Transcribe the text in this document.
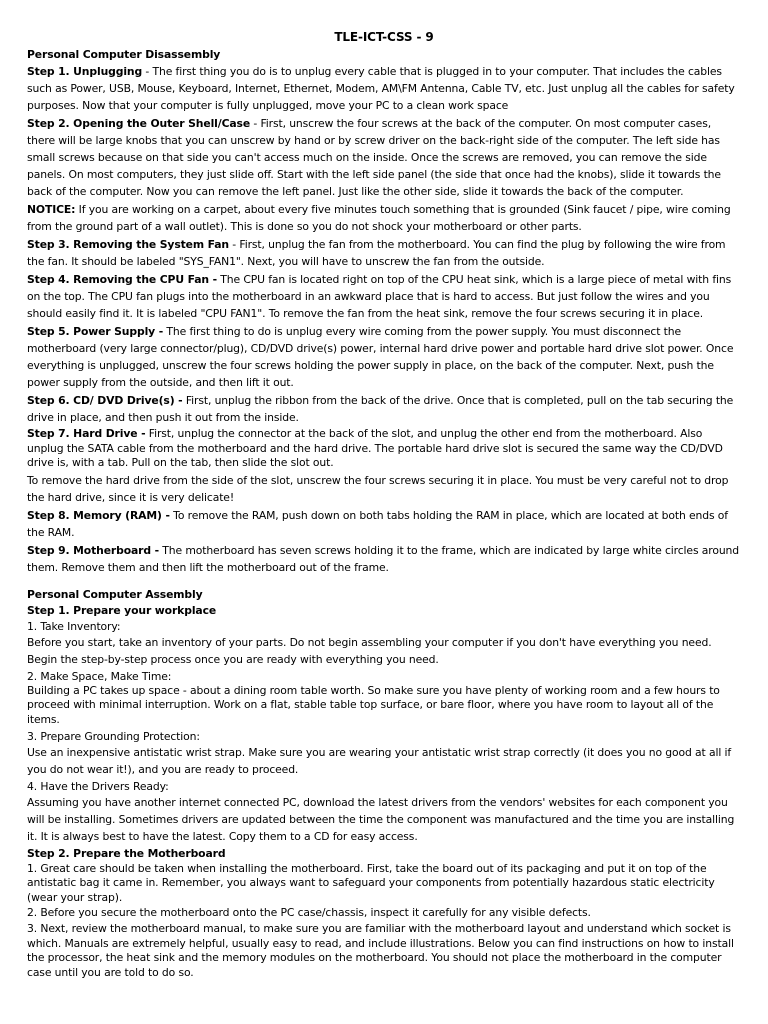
TLE-ICT-CSS - 9
Personal Computer Disassembly

Step 1. Unplugging - The first thing you do is to unplug every cable that is plugged in to your computer. That includes the cables such as Power, USB, Mouse, Keyboard, Internet, Ethernet, Modem, AM\FM Antenna, Cable TV, etc. Just unplug all the cables for safety purposes. Now that your computer is fully unplugged, move your PC to a clean work space

Step 2. Opening the Outer Shell/Case - First, unscrew the four screws at the back of the computer. On most computer cases, there will be large knobs that you can unscrew by hand or by screw driver on the back-right side of the computer. The left side has small screws because on that side you can't access much on the inside. Once the screws are removed, you can remove the side panels. On most computers, they just slide off. Start with the left side panel (the side that once had the knobs), slide it towards the back of the computer. Now you can remove the left panel. Just like the other side, slide it towards the back of the computer.

NOTICE: If you are working on a carpet, about every five minutes touch something that is grounded (Sink faucet / pipe, wire coming from the ground part of a wall outlet). This is done so you do not shock your motherboard or other parts.

Step 3. Removing the System Fan - First, unplug the fan from the motherboard. You can find the plug by following the wire from the fan. It should be labeled "SYS_FAN1". Next, you will have to unscrew the fan from the outside.

Step 4. Removing the CPU Fan - The CPU fan is located right on top of the CPU heat sink, which is a large piece of metal with fins on the top. The CPU fan plugs into the motherboard in an awkward place that is hard to access. But just follow the wires and you should easily find it. It is labeled "CPU FAN1". To remove the fan from the heat sink, remove the four screws securing it in place.

Step 5. Power Supply - The first thing to do is unplug every wire coming from the power supply. You must disconnect the motherboard (very large connector/plug), CD/DVD drive(s) power, internal hard drive power and portable hard drive slot power. Once everything is unplugged, unscrew the four screws holding the power supply in place, on the back of the computer. Next, push the power supply from the outside, and then lift it out.

Step 6. CD/ DVD Drive(s) - First, unplug the ribbon from the back of the drive. Once that is completed, pull on the tab securing the drive in place, and then push it out from the inside.

Step 7. Hard Drive - First, unplug the connector at the back of the slot, and unplug the other end from the motherboard. Also unplug the SATA cable from the motherboard and the hard drive. The portable hard drive slot is secured the same way the CD/DVD drive is, with a tab. Pull on the tab, then slide the slot out.

To remove the hard drive from the side of the slot, unscrew the four screws securing it in place. You must be very careful not to drop the hard drive, since it is very delicate!

Step 8. Memory (RAM) - To remove the RAM, push down on both tabs holding the RAM in place, which are located at both ends of the RAM.

Step 9. Motherboard - The motherboard has seven screws holding it to the frame, which are indicated by large white circles around them. Remove them and then lift the motherboard out of the frame.

Personal Computer Assembly
Step 1. Prepare your workplace

1. Take Inventory:

Before you start, take an inventory of your parts. Do not begin assembling your computer if you don't have everything you need. Begin the step-by-step process once you are ready with everything you need.

2. Make Space, Make Time:

Building a PC takes up space - about a dining room table worth. So make sure you have plenty of working room and a few hours to proceed with minimal interruption. Work on a flat, stable table top surface, or bare floor, where you have room to layout all of the items.

3. Prepare Grounding Protection:

Use an inexpensive antistatic wrist strap. Make sure you are wearing your antistatic wrist strap correctly (it does you no good at all if you do not wear it!), and you are ready to proceed.

4. Have the Drivers Ready:

Assuming you have another internet connected PC, download the latest drivers from the vendors' websites for each component you will be installing. Sometimes drivers are updated between the time the component was manufactured and the time you are installing it. It is always best to have the latest. Copy them to a CD for easy access.

Step 2. Prepare the Motherboard

1. Great care should be taken when installing the motherboard. First, take the board out of its packaging and put it on top of the antistatic bag it came in. Remember, you always want to safeguard your components from potentially hazardous static electricity (wear your strap).

2. Before you secure the motherboard onto the PC case/chassis, inspect it carefully for any visible defects.

3. Next, review the motherboard manual, to make sure you are familiar with the motherboard layout and understand which socket is which. Manuals are extremely helpful, usually easy to read, and include illustrations. Below you can find instructions on how to install the processor, the heat sink and the memory modules on the motherboard. You should not place the motherboard in the computer case until you are told to do so.
